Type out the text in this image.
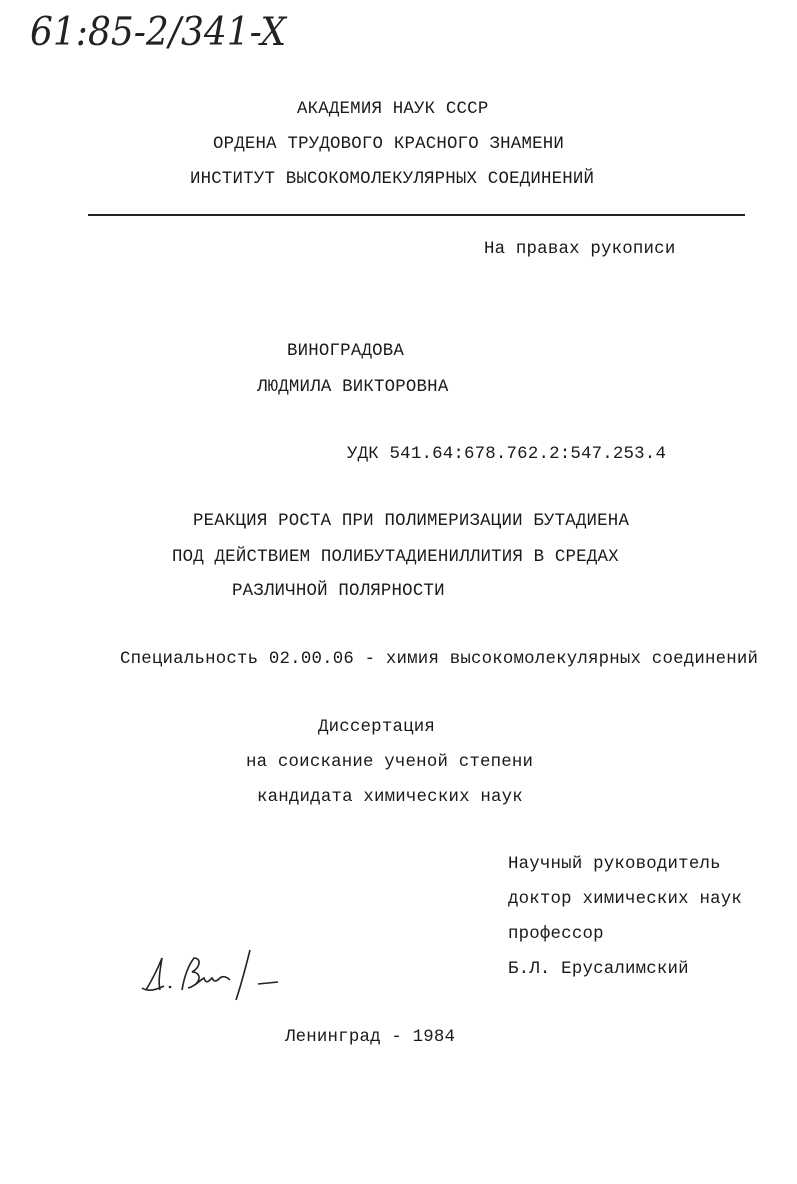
61:85-2/341-X
АКАДЕМИЯ НАУК СССР
ОРДЕНА ТРУДОВОГО КРАСНОГО ЗНАМЕНИ
ИНСТИТУТ ВЫСОКОМОЛЕКУЛЯРНЫХ СОЕДИНЕНИЙ
На правах рукописи
ВИНОГРАДОВА
ЛЮДМИЛА ВИКТОРОВНА
УДК 541.64:678.762.2:547.253.4
РЕАКЦИЯ РОСТА ПРИ ПОЛИМЕРИЗАЦИИ БУТАДИЕНА
ПОД ДЕЙСТВИЕМ ПОЛИБУТАДИЕНИЛЛИТИЯ В СРЕДАХ
РАЗЛИЧНОЙ ПОЛЯРНОСТИ
Специальность 02.00.06 - химия высокомолекулярных соединений
Диссертация
на соискание ученой степени
кандидата химических наук
Научный руководитель
доктор химических наук
профессор
Б.Л. Ерусалимский
Ленинград - 1984
